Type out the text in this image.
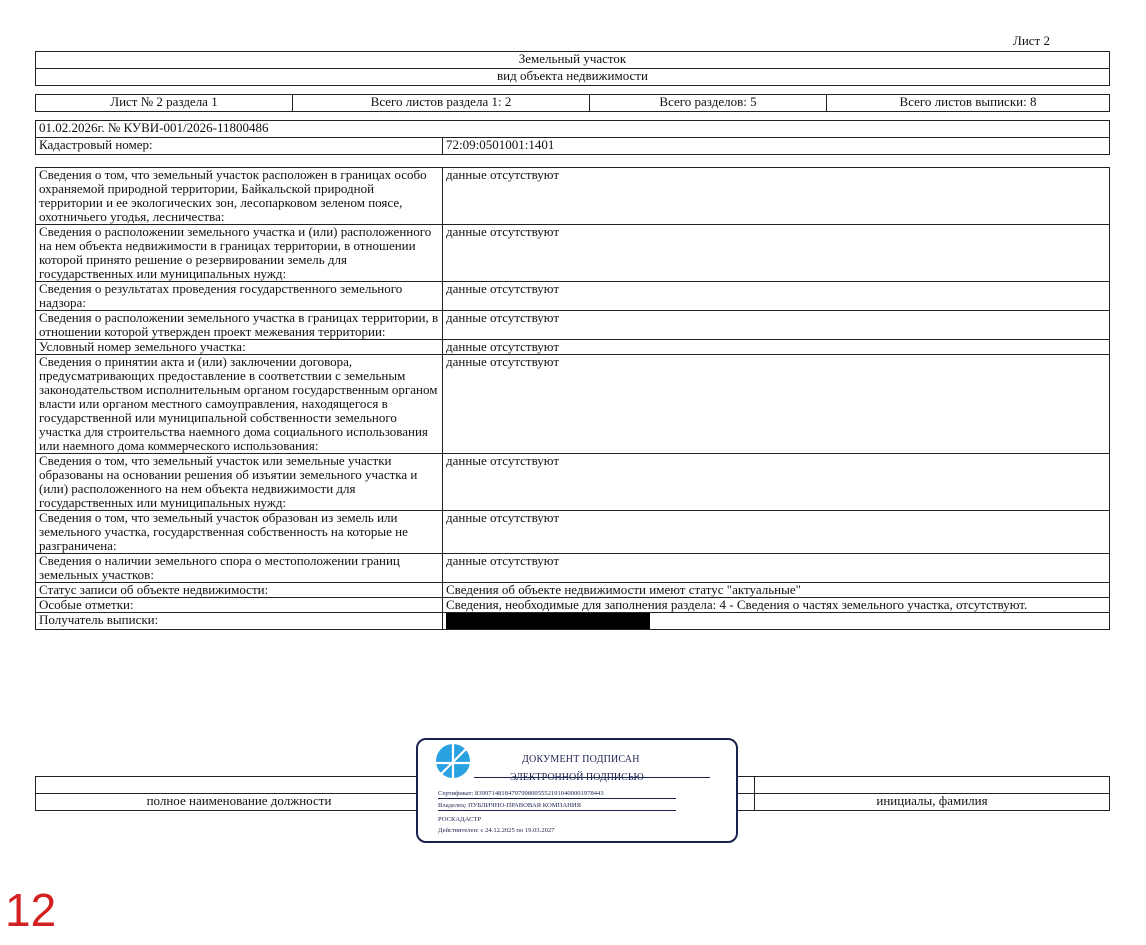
Лист 2
Земельный участок
вид объекта недвижимости
Лист № 2 раздела 1	Всего листов раздела 1: 2	Всего разделов: 5	Всего листов выписки: 8
01.02.2026г. № КУВИ-001/2026-11800486
Кадастровый номер:	72:09:0501001:1401
Сведения о том, что земельный участок расположен в границах особо охраняемой природной территории, Байкальской природной территории и ее экологических зон, лесопарковом зеленом поясе, охотничьего угодья, лесничества:	данные отсутствуют
Сведения о расположении земельного участка и (или) расположенного на нем объекта недвижимости в границах территории, в отношении которой принято решение о резервировании земель для государственных или муниципальных нужд:	данные отсутствуют
Сведения о результатах проведения государственного земельного надзора:	данные отсутствуют
Сведения о расположении земельного участка в границах территории, в отношении которой утвержден проект межевания территории:	данные отсутствуют
Условный номер земельного участка:	данные отсутствуют
Сведения о принятии акта и (или) заключении договора, предусматривающих предоставление в соответствии с земельным законодательством исполнительным органом государственным органом власти или органом местного самоуправления, находящегося в государственной или муниципальной собственности земельного участка для строительства наемного дома социального использования или наемного дома коммерческого использования:	данные отсутствуют
Сведения о том, что земельный участок или земельные участки образованы на основании решения об изъятии земельного участка и (или) расположенного на нем объекта недвижимости для государственных или муниципальных нужд:	данные отсутствуют
Сведения о том, что земельный участок образован из земель или земельного участка, государственная собственность на которые не разграничена:	данные отсутствуют
Сведения о наличии земельного спора о местоположении границ земельных участков:	данные отсутствуют
Статус записи об объекте недвижимости:	Сведения об объекте недвижимости имеют статус "актуальные"
Особые отметки:	Сведения, необходимые для заполнения раздела: 4 - Сведения о частях земельного участка, отсутствуют.
Получатель выписки:	

полное наименование должности		инициалы, фамилия
ДОКУМЕНТ ПОДПИСАН
ЭЛЕКТРОННОЙ ПОДПИСЬЮ
Сертификат: 839971481847979980055521910400001978443
Владелец: ПУБЛИЧНО-ПРАВОВАЯ КОМПАНИЯ
РОСКАДАСТР
Действителен: с 24.12.2025 по 19.03.2027
12
